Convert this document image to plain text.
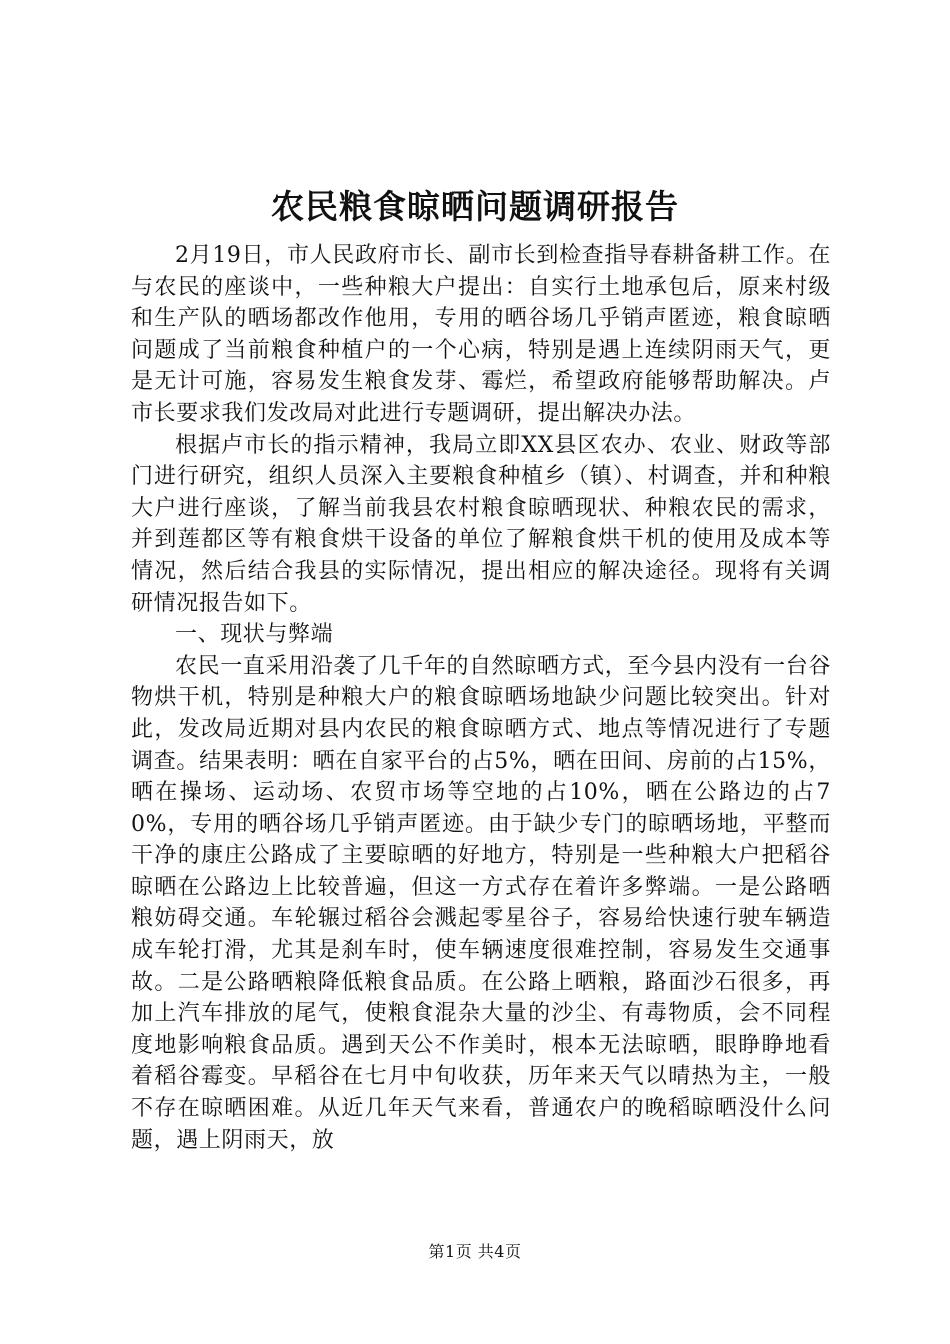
农民粮食晾晒问题调研报告

2月19日，市人民政府市长、副市长到检查指导春耕备耕工作。在与农民的座谈中，一些种粮大户提出：自实行土地承包后，原来村级和生产队的晒场都改作他用，专用的晒谷场几乎销声匿迹，粮食晾晒问题成了当前粮食种植户的一个心病，特别是遇上连续阴雨天气，更是无计可施，容易发生粮食发芽、霉烂，希望政府能够帮助解决。卢市长要求我们发改局对此进行专题调研，提出解决办法。

根据卢市长的指示精神，我局立即XX县区农办、农业、财政等部门进行研究，组织人员深入主要粮食种植乡（镇）、村调查，并和种粮大户进行座谈，了解当前我县农村粮食晾晒现状、种粮农民的需求，并到莲都区等有粮食烘干设备的单位了解粮食烘干机的使用及成本等情况，然后结合我县的实际情况，提出相应的解决途径。现将有关调研情况报告如下。

一、现状与弊端

农民一直采用沿袭了几千年的自然晾晒方式，至今县内没有一台谷物烘干机，特别是种粮大户的粮食晾晒场地缺少问题比较突出。针对此，发改局近期对县内农民的粮食晾晒方式、地点等情况进行了专题调查。结果表明：晒在自家平台的占5%，晒在田间、房前的占15%，晒在操场、运动场、农贸市场等空地的占10%，晒在公路边的占70%，专用的晒谷场几乎销声匿迹。由于缺少专门的晾晒场地，平整而干净的康庄公路成了主要晾晒的好地方，特别是一些种粮大户把稻谷晾晒在公路边上比较普遍，但这一方式存在着许多弊端。一是公路晒粮妨碍交通。车轮辗过稻谷会溅起零星谷子，容易给快速行驶车辆造成车轮打滑，尤其是刹车时，使车辆速度很难控制，容易发生交通事故。二是公路晒粮降低粮食品质。在公路上晒粮，路面沙石很多，再加上汽车排放的尾气，使粮食混杂大量的沙尘、有毒物质，会不同程度地影响粮食品质。遇到天公不作美时，根本无法晾晒，眼睁睁地看着稻谷霉变。早稻谷在七月中旬收获，历年来天气以晴热为主，一般不存在晾晒困难。从近几年天气来看，普通农户的晚稻晾晒没什么问题，遇上阴雨天，放

第1页 共4页
